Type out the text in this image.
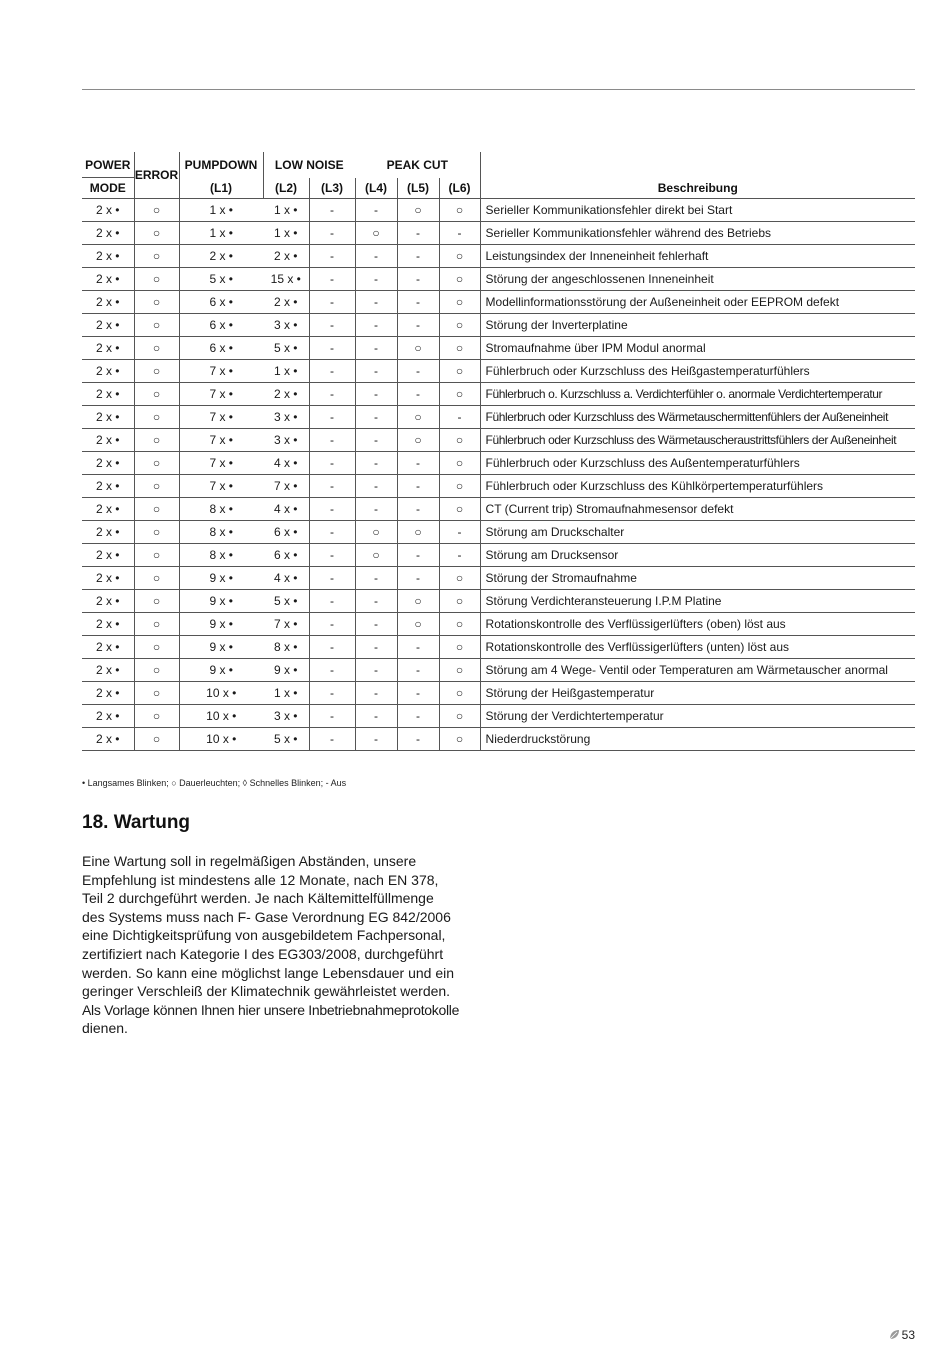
POWER	ERROR	PUMPDOWN	LOW NOISE		PEAK CUT			
MODE		(L1)	(L2)	(L3)	(L4)	(L5)	(L6)	Beschreibung
2 x •	○	1 x •	1 x •	-	-	○	○	Serieller Kommunikationsfehler direkt bei Start
2 x •	○	1 x •	1 x •	-	○	-	-	Serieller Kommunikationsfehler während des Betriebs
2 x •	○	2 x •	2 x •	-	-	-	○	Leistungsindex der Inneneinheit fehlerhaft
2 x •	○	5 x •	15 x •	-	-	-	○	Störung der angeschlossenen Inneneinheit
2 x •	○	6 x •	2 x •	-	-	-	○	Modellinformationsstörung der Außeneinheit oder EEPROM defekt
2 x •	○	6 x •	3 x •	-	-	-	○	Störung der Inverterplatine
2 x •	○	6 x •	5 x •	-	-	○	○	Stromaufnahme über IPM Modul anormal
2 x •	○	7 x •	1 x •	-	-	-	○	Fühlerbruch oder Kurzschluss des Heißgastemperaturfühlers
2 x •	○	7 x •	2 x •	-	-	-	○	Fühlerbruch o. Kurzschluss a. Verdichterfühler o. anormale Verdichtertemperatur
2 x •	○	7 x •	3 x •	-	-	○	-	Fühlerbruch oder Kurzschluss des Wärmetauschermittenfühlers der Außeneinheit
2 x •	○	7 x •	3 x •	-	-	○	○	Fühlerbruch oder Kurzschluss des Wärmetauscheraustrittsfühlers der Außeneinheit
2 x •	○	7 x •	4 x •	-	-	-	○	Fühlerbruch oder Kurzschluss des Außentemperaturfühlers
2 x •	○	7 x •	7 x •	-	-	-	○	Fühlerbruch oder Kurzschluss des Kühlkörpertemperaturfühlers
2 x •	○	8 x •	4 x •	-	-	-	○	CT (Current trip) Stromaufnahmesensor defekt
2 x •	○	8 x •	6 x •	-	○	○	-	Störung am Druckschalter
2 x •	○	8 x •	6 x •	-	○	-	-	Störung am Drucksensor
2 x •	○	9 x •	4 x •	-	-	-	○	Störung der Stromaufnahme
2 x •	○	9 x •	5 x •	-	-	○	○	Störung Verdichteransteuerung I.P.M Platine
2 x •	○	9 x •	7 x •	-	-	○	○	Rotationskontrolle des Verflüssigerlüfters (oben) löst aus
2 x •	○	9 x •	8 x •	-	-	-	○	Rotationskontrolle des Verflüssigerlüfters (unten) löst aus
2 x •	○	9 x •	9 x •	-	-	-	○	Störung am 4 Wege- Ventil oder Temperaturen am Wärmetauscher anormal
2 x •	○	10 x •	1 x •	-	-	-	○	Störung der Heißgastemperatur
2 x •	○	10 x •	3 x •	-	-	-	○	Störung der Verdichtertemperatur
2 x •	○	10 x •	5 x •	-	-	-	○	Niederdruckstörung
• Langsames Blinken; ○ Dauerleuchten; ◊ Schnelles Blinken; - Aus
18. Wartung
Eine Wartung soll in regelmäßigen Abständen, unsere
Empfehlung ist mindestens alle 12 Monate, nach EN 378,
Teil 2 durchgeführt werden. Je nach Kältemittelfüllmenge
des Systems muss nach F- Gase Verordnung EG 842/2006
eine Dichtigkeitsprüfung von ausgebildetem Fachpersonal,
zertifiziert nach Kategorie I des EG303/2008, durchgeführt
werden. So kann eine möglichst lange Lebensdauer und ein
geringer Verschleiß der Klimatechnik gewährleistet werden.
Als Vorlage können Ihnen hier unsere Inbetriebnahmeprotokolle
dienen.
53
